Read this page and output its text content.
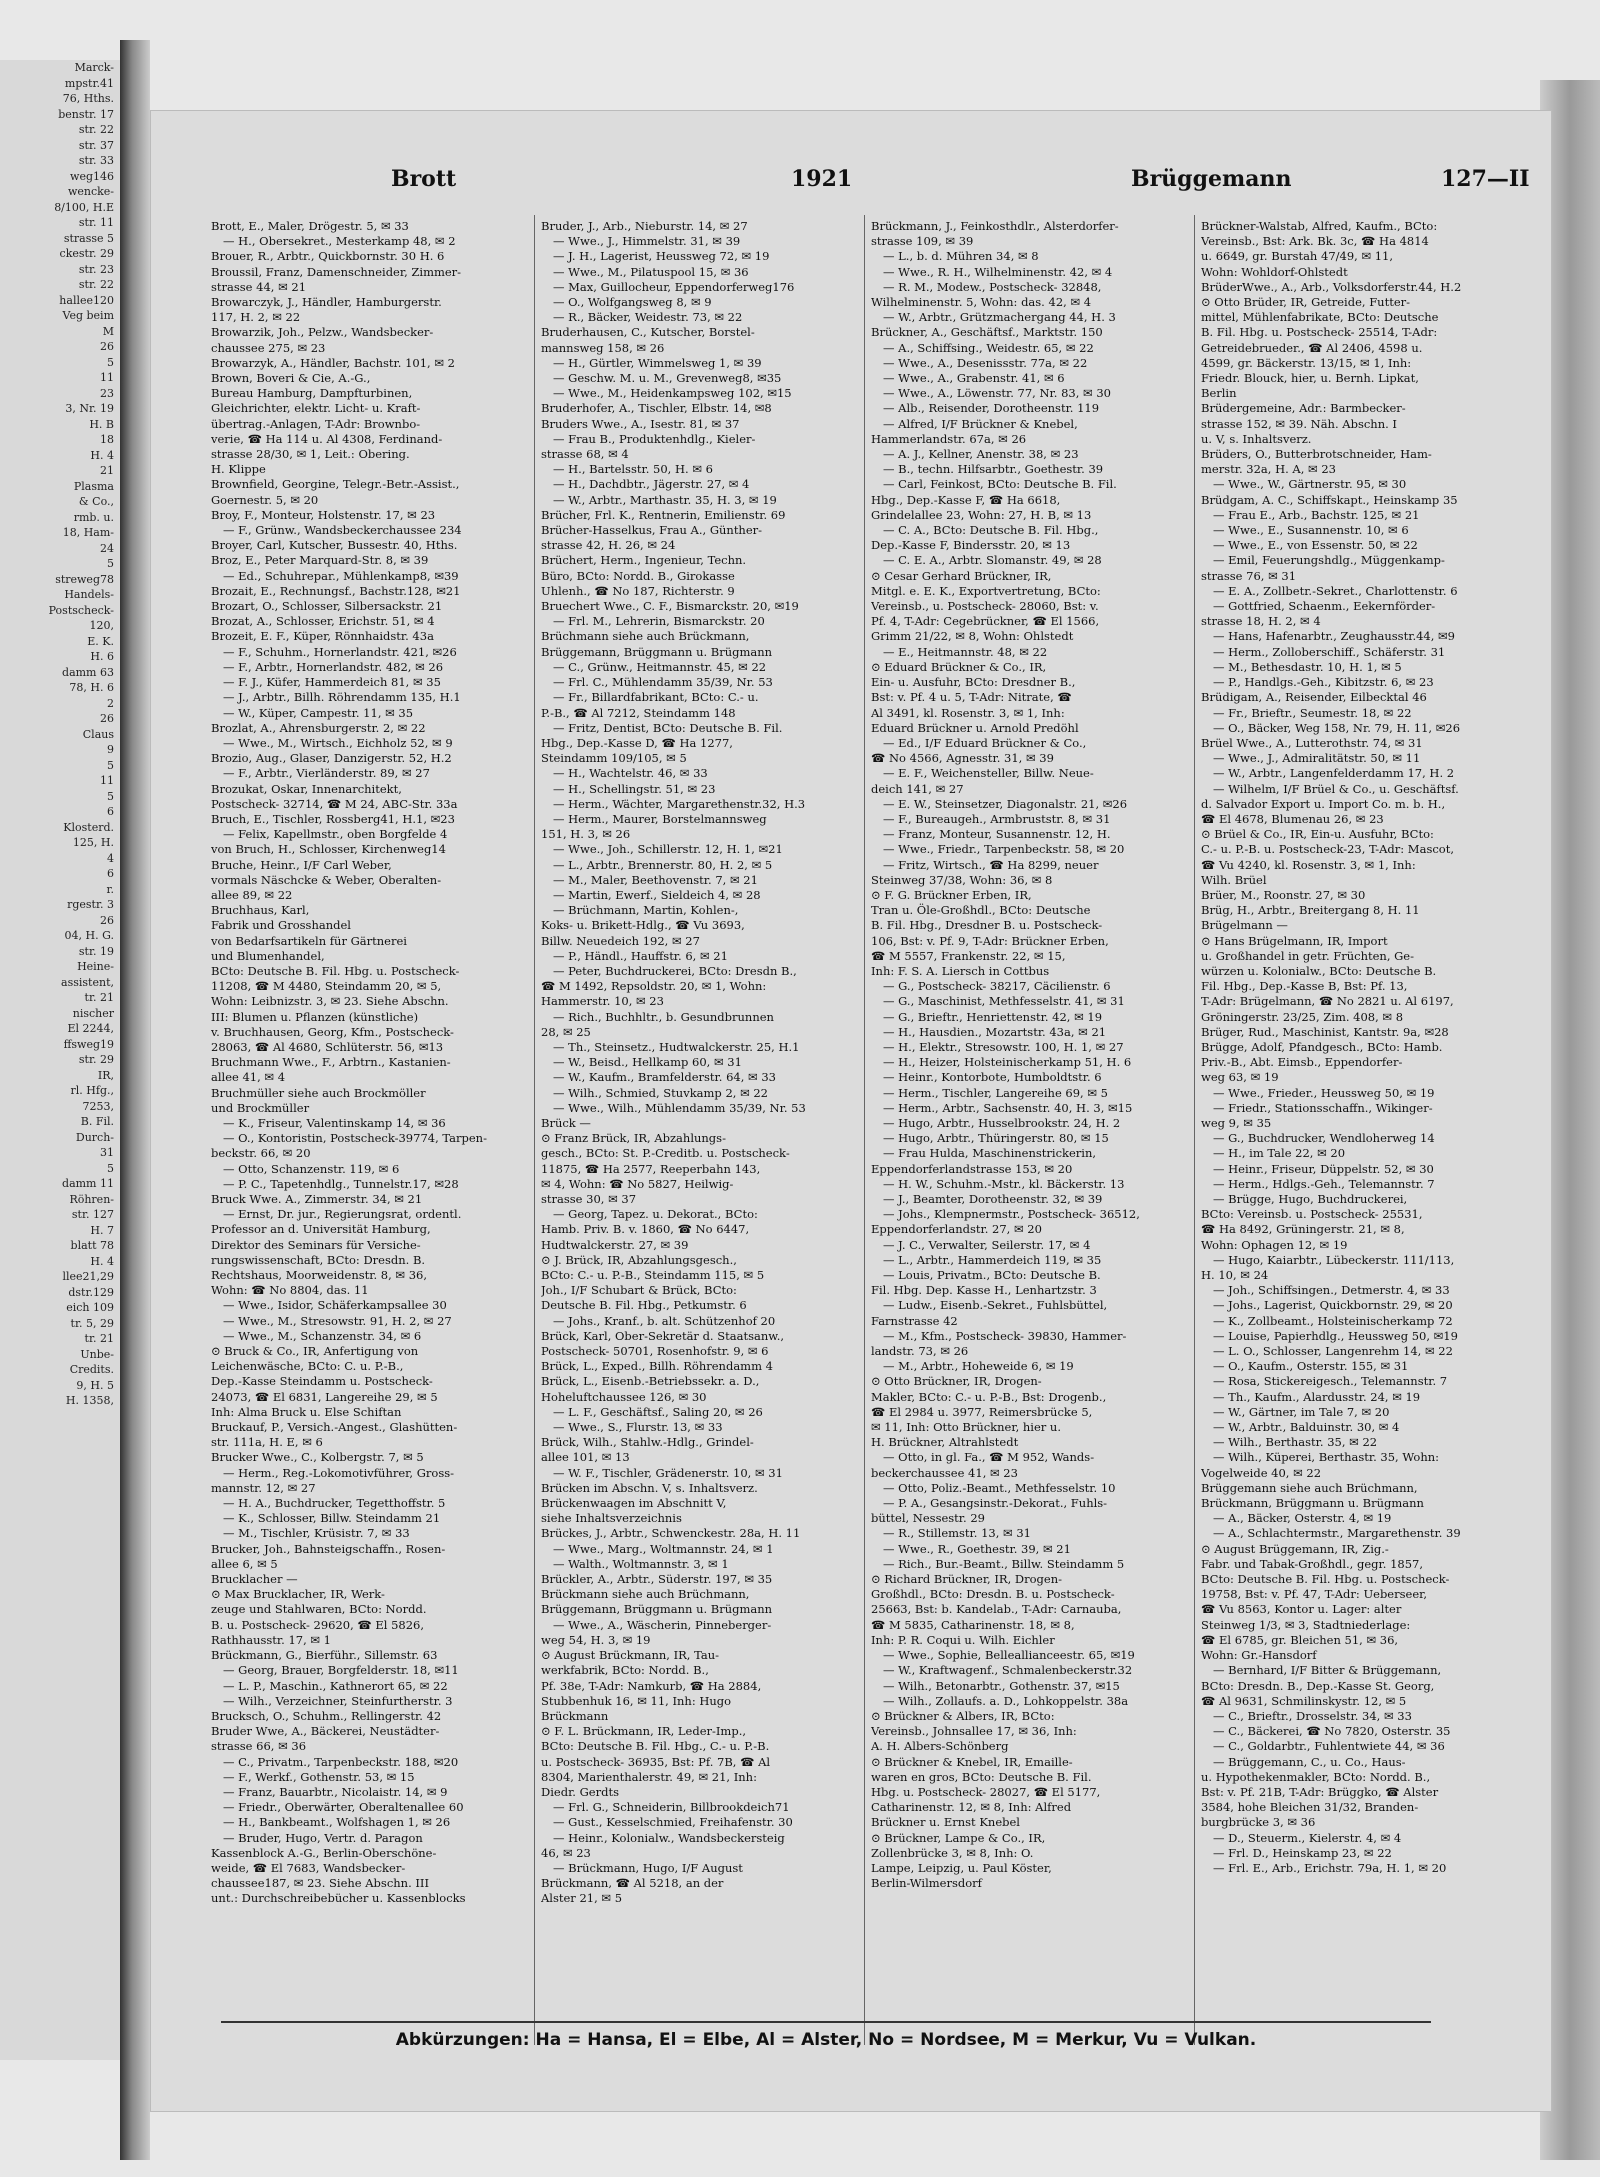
Marck-
mpstr.41
76, Hths.
benstr. 17
str. 22
str. 37
str. 33
weg146
wencke-
8/100, H.E
str. 11
strasse 5
ckestr. 29
str. 23
str. 22
hallee120
Veg beim
M
26
5
11
23
3, Nr. 19
H. B
18
H. 4
21
Plasma
& Co.,
rmb. u.
18, Ham-
24
5
streweg78
Handels-
Postscheck-
120,
E. K.
H. 6
damm 63
78, H. 6
2
26
Claus
9
5
11
5
6
Klosterd.
125, H.
4
6
r.
rgestr. 3
26
04, H. G.
str. 19
Heine-
assistent,
tr. 21
nischer
El 2244,
ffsweg19
str. 29
IR,
rl. Hfg.,
7253,
B. Fil.
Durch-
31
5
damm 11
Röhren-
str. 127
H. 7
blatt 78
H. 4
llee21,29
dstr.129
eich 109
tr. 5, 29
tr. 21
Unbe-
Credits.
9, H. 5
H. 1358,
Brott	1921	Brüggemann	127—II
Brott, E., Maler, Drögestr. 5, ✉ 33
— H., Obersekret., Mesterkamp 48, ✉ 2
Brouer, R., Arbtr., Quickbornstr. 30 H. 6
Broussil, Franz, Damenschneider, Zimmer-
strasse 44, ✉ 21
Browarczyk, J., Händler, Hamburgerstr.
117, H. 2, ✉ 22
Browarzik, Joh., Pelzw., Wandsbecker-
chaussee 275, ✉ 23
Browarzyk, A., Händler, Bachstr. 101, ✉ 2
Brown, Boveri & Cie, A.-G.,
Bureau Hamburg, Dampfturbinen,
Gleichrichter, elektr. Licht- u. Kraft-
übertrag.-Anlagen, T-Adr: Brownbo-
verie, ☎ Ha 114 u. Al 4308, Ferdinand-
strasse 28/30, ✉ 1, Leit.: Obering.
H. Klippe
Brownfield, Georgine, Telegr.-Betr.-Assist.,
Goernestr. 5, ✉ 20
Broy, F., Monteur, Holstenstr. 17, ✉ 23
— F., Grünw., Wandsbeckerchaussee 234
Broyer, Carl, Kutscher, Bussestr. 40, Hths.
Broz, E., Peter Marquard-Str. 8, ✉ 39
— Ed., Schuhrepar., Mühlenkamp8, ✉39
Brozait, E., Rechnungsf., Bachstr.128, ✉21
Brozart, O., Schlosser, Silbersackstr. 21
Brozat, A., Schlosser, Erichstr. 51, ✉ 4
Brozeit, E. F., Küper, Rönnhaidstr. 43a
— F., Schuhm., Hornerlandstr. 421, ✉26
— F., Arbtr., Hornerlandstr. 482, ✉ 26
— F. J., Küfer, Hammerdeich 81, ✉ 35
— J., Arbtr., Billh. Röhrendamm 135, H.1
— W., Küper, Campestr. 11, ✉ 35
Brozlat, A., Ahrensburgerstr. 2, ✉ 22
— Wwe., M., Wirtsch., Eichholz 52, ✉ 9
Brozio, Aug., Glaser, Danzigerstr. 52, H.2
— F., Arbtr., Vierländerstr. 89, ✉ 27
Brozukat, Oskar, Innenarchitekt,
Postscheck- 32714, ☎ M 24, ABC-Str. 33a
Bruch, E., Tischler, Rossberg41, H.1, ✉23
— Felix, Kapellmstr., oben Borgfelde 4
von Bruch, H., Schlosser, Kirchenweg14
Bruche, Heinr., I/F Carl Weber,
vormals Näschcke & Weber, Oberalten-
allee 89, ✉ 22
Bruchhaus, Karl,
Fabrik und Grosshandel
von Bedarfsartikeln für Gärtnerei
und Blumenhandel,
BCto: Deutsche B. Fil. Hbg. u. Postscheck-
11208, ☎ M 4480, Steindamm 20, ✉ 5,
Wohn: Leibnizstr. 3, ✉ 23. Siehe Abschn.
III: Blumen u. Pflanzen (künstliche)
v. Bruchhausen, Georg, Kfm., Postscheck-
28063, ☎ Al 4680, Schlüterstr. 56, ✉13
Bruchmann Wwe., F., Arbtrn., Kastanien-
allee 41, ✉ 4
Bruchmüller siehe auch Brockmöller
und Brockmüller
— K., Friseur, Valentinskamp 14, ✉ 36
— O., Kontoristin, Postscheck-39774, Tarpen-
beckstr. 66, ✉ 20
— Otto, Schanzenstr. 119, ✉ 6
— P. C., Tapetenhdlg., Tunnelstr.17, ✉28
Bruck Wwe. A., Zimmerstr. 34, ✉ 21
— Ernst, Dr. jur., Regierungsrat, ordentl.
Professor an d. Universität Hamburg,
Direktor des Seminars für Versiche-
rungswissenschaft, BCto: Dresdn. B.
Rechtshaus, Moorweidenstr. 8, ✉ 36,
Wohn: ☎ No 8804, das. 11
— Wwe., Isidor, Schäferkampsallee 30
— Wwe., M., Stresowstr. 91, H. 2, ✉ 27
— Wwe., M., Schanzenstr. 34, ✉ 6
⊙ Bruck & Co., IR, Anfertigung von
Leichenwäsche, BCto: C. u. P.-B.,
Dep.-Kasse Steindamm u. Postscheck-
24073, ☎ El 6831, Langereihe 29, ✉ 5
Inh: Alma Bruck u. Else Schiftan
Bruckauf, P., Versich.-Angest., Glashütten-
str. 111a, H. E, ✉ 6
Brucker Wwe., C., Kolbergstr. 7, ✉ 5
— Herm., Reg.-Lokomotivführer, Gross-
mannstr. 12, ✉ 27
— H. A., Buchdrucker, Tegetthoffstr. 5
— K., Schlosser, Billw. Steindamm 21
— M., Tischler, Krüsistr. 7, ✉ 33
Brucker, Joh., Bahnsteigschaffn., Rosen-
allee 6, ✉ 5
Brucklacher —
⊙ Max Brucklacher, IR, Werk-
zeuge und Stahlwaren, BCto: Nordd.
B. u. Postscheck- 29620, ☎ El 5826,
Rathhausstr. 17, ✉ 1
Brückmann, G., Bierführ., Sillemstr. 63
— Georg, Brauer, Borgfelderstr. 18, ✉11
— L. P., Maschin., Kathnerort 65, ✉ 22
— Wilh., Verzeichner, Steinfurtherstr. 3
Brucksch, O., Schuhm., Rellingerstr. 42
Bruder Wwe, A., Bäckerei, Neustädter-
strasse 66, ✉ 36
— C., Privatm., Tarpenbeckstr. 188, ✉20
— F., Werkf., Gothenstr. 53, ✉ 15
— Franz, Bauarbtr., Nicolaistr. 14, ✉ 9
— Friedr., Oberwärter, Oberaltenallee 60
— H., Bankbeamt., Wolfshagen 1, ✉ 26
— Bruder, Hugo, Vertr. d. Paragon
Kassenblock A.-G., Berlin-Oberschöne-
weide, ☎ El 7683, Wandsbecker-
chaussee187, ✉ 23. Siehe Abschn. III
unt.: Durchschreibebücher u. Kassenblocks
Bruder, J., Arb., Nieburstr. 14, ✉ 27
— Wwe., J., Himmelstr. 31, ✉ 39
— J. H., Lagerist, Heussweg 72, ✉ 19
— Wwe., M., Pilatuspool 15, ✉ 36
— Max, Guillocheur, Eppendorferweg176
— O., Wolfgangsweg 8, ✉ 9
— R., Bäcker, Weidestr. 73, ✉ 22
Bruderhausen, C., Kutscher, Borstel-
mannsweg 158, ✉ 26
— H., Gürtler, Wimmelsweg 1, ✉ 39
— Geschw. M. u. M., Grevenweg8, ✉35
— Wwe., M., Heidenkampsweg 102, ✉15
Bruderhofer, A., Tischler, Elbstr. 14, ✉8
Bruders Wwe., A., Isestr. 81, ✉ 37
— Frau B., Produktenhdlg., Kieler-
strasse 68, ✉ 4
— H., Bartelsstr. 50, H. ✉ 6
— H., Dachdbtr., Jägerstr. 27, ✉ 4
— W., Arbtr., Marthastr. 35, H. 3, ✉ 19
Brücher, Frl. K., Rentnerin, Emilienstr. 69
Brücher-Hasselkus, Frau A., Günther-
strasse 42, H. 26, ✉ 24
Brüchert, Herm., Ingenieur, Techn.
Büro, BCto: Nordd. B., Girokasse
Uhlenh., ☎ No 187, Richterstr. 9
Bruechert Wwe., C. F., Bismarckstr. 20, ✉19
— Frl. M., Lehrerin, Bismarckstr. 20
Brüchmann siehe auch Brückmann,
Brüggemann, Brüggmann u. Brügmann
— C., Grünw., Heitmannstr. 45, ✉ 22
— Frl. C., Mühlendamm 35/39, Nr. 53
— Fr., Billardfabrikant, BCto: C.- u.
P.-B., ☎ Al 7212, Steindamm 148
— Fritz, Dentist, BCto: Deutsche B. Fil.
Hbg., Dep.-Kasse D, ☎ Ha 1277,
Steindamm 109/105, ✉ 5
— H., Wachtelstr. 46, ✉ 33
— H., Schellingstr. 51, ✉ 23
— Herm., Wächter, Margarethenstr.32, H.3
— Herm., Maurer, Borstelmannsweg
151, H. 3, ✉ 26
— Wwe., Joh., Schillerstr. 12, H. 1, ✉21
— L., Arbtr., Brennerstr. 80, H. 2, ✉ 5
— M., Maler, Beethovenstr. 7, ✉ 21
— Martin, Ewerf., Sieldeich 4, ✉ 28
— Brüchmann, Martin, Kohlen-,
Koks- u. Brikett-Hdlg., ☎ Vu 3693,
Billw. Neuedeich 192, ✉ 27
— P., Händl., Hauffstr. 6, ✉ 21
— Peter, Buchdruckerei, BCto: Dresdn B.,
☎ M 1492, Repsoldstr. 20, ✉ 1, Wohn:
Hammerstr. 10, ✉ 23
— Rich., Buchhltr., b. Gesundbrunnen
28, ✉ 25
— Th., Steinsetz., Hudtwalckerstr. 25, H.1
— W., Beisd., Hellkamp 60, ✉ 31
— W., Kaufm., Bramfelderstr. 64, ✉ 33
— Wilh., Schmied, Stuvkamp 2, ✉ 22
— Wwe., Wilh., Mühlendamm 35/39, Nr. 53
Brück —
⊙ Franz Brück, IR, Abzahlungs-
gesch., BCto: St. P.-Creditb. u. Postscheck-
11875, ☎ Ha 2577, Reeperbahn 143,
✉ 4, Wohn: ☎ No 5827, Heilwig-
strasse 30, ✉ 37
— Georg, Tapez. u. Dekorat., BCto:
Hamb. Priv. B. v. 1860, ☎ No 6447,
Hudtwalckerstr. 27, ✉ 39
⊙ J. Brück, IR, Abzahlungsgesch.,
BCto: C.- u. P.-B., Steindamm 115, ✉ 5
Joh., I/F Schubart & Brück, BCto:
Deutsche B. Fil. Hbg., Petkumstr. 6
— Johs., Kranf., b. alt. Schützenhof 20
Brück, Karl, Ober-Sekretär d. Staatsanw.,
Postscheck- 50701, Rosenhofstr. 9, ✉ 6
Brück, L., Exped., Billh. Röhrendamm 4
Brück, L., Eisenb.-Betriebssekr. a. D.,
Hoheluftchaussee 126, ✉ 30
— L. F., Geschäftsf., Saling 20, ✉ 26
— Wwe., S., Flurstr. 13, ✉ 33
Brück, Wilh., Stahlw.-Hdlg., Grindel-
allee 101, ✉ 13
— W. F., Tischler, Grädenerstr. 10, ✉ 31
Brücken im Abschn. V, s. Inhaltsverz.
Brückenwaagen im Abschnitt V,
siehe Inhaltsverzeichnis
Brückes, J., Arbtr., Schwenckestr. 28a, H. 11
— Wwe., Marg., Woltmannstr. 24, ✉ 1
— Walth., Woltmannstr. 3, ✉ 1
Brückler, A., Arbtr., Süderstr. 197, ✉ 35
Brückmann siehe auch Brüchmann,
Brüggemann, Brüggmann u. Brügmann
— Wwe., A., Wäscherin, Pinneberger-
weg 54, H. 3, ✉ 19
⊙ August Brückmann, IR, Tau-
werkfabrik, BCto: Nordd. B.,
Pf. 38e, T-Adr: Namkurb, ☎ Ha 2884,
Stubbenhuk 16, ✉ 11, Inh: Hugo
Brückmann
⊙ F. L. Brückmann, IR, Leder-Imp.,
BCto: Deutsche B. Fil. Hbg., C.- u. P.-B.
u. Postscheck- 36935, Bst: Pf. 7B, ☎ Al
8304, Marienthalerstr. 49, ✉ 21, Inh:
Diedr. Gerdts
— Frl. G., Schneiderin, Billbrookdeich71
— Gust., Kesselschmied, Freihafenstr. 30
— Heinr., Kolonialw., Wandsbeckersteig
46, ✉ 23
— Brückmann, Hugo, I/F August
Brückmann, ☎ Al 5218, an der
Alster 21, ✉ 5
Brückmann, J., Feinkosthdlr., Alsterdorfer-
strasse 109, ✉ 39
— L., b. d. Mühren 34, ✉ 8
— Wwe., R. H., Wilhelminenstr. 42, ✉ 4
— R. M., Modew., Postscheck- 32848,
Wilhelminenstr. 5, Wohn: das. 42, ✉ 4
— W., Arbtr., Grützmachergang 44, H. 3
Brückner, A., Geschäftsf., Marktstr. 150
— A., Schiffsing., Weidestr. 65, ✉ 22
— Wwe., A., Desenissstr. 77a, ✉ 22
— Wwe., A., Grabenstr. 41, ✉ 6
— Wwe., A., Löwenstr. 77, Nr. 83, ✉ 30
— Alb., Reisender, Dorotheenstr. 119
— Alfred, I/F Brückner & Knebel,
Hammerlandstr. 67a, ✉ 26
— A. J., Kellner, Anenstr. 38, ✉ 23
— B., techn. Hilfsarbtr., Goethestr. 39
— Carl, Feinkost, BCto: Deutsche B. Fil.
Hbg., Dep.-Kasse F, ☎ Ha 6618,
Grindelallee 23, Wohn: 27, H. B, ✉ 13
— C. A., BCto: Deutsche B. Fil. Hbg.,
Dep.-Kasse F, Bindersstr. 20, ✉ 13
— C. E. A., Arbtr. Slomanstr. 49, ✉ 28
⊙ Cesar Gerhard Brückner, IR,
Mitgl. e. E. K., Exportvertretung, BCto:
Vereinsb., u. Postscheck- 28060, Bst: v.
Pf. 4, T-Adr: Cegebrückner, ☎ El 1566,
Grimm 21/22, ✉ 8, Wohn: Ohlstedt
— E., Heitmannstr. 48, ✉ 22
⊙ Eduard Brückner & Co., IR,
Ein- u. Ausfuhr, BCto: Dresdner B.,
Bst: v. Pf. 4 u. 5, T-Adr: Nitrate, ☎
Al 3491, kl. Rosenstr. 3, ✉ 1, Inh:
Eduard Brückner u. Arnold Predöhl
— Ed., I/F Eduard Brückner & Co.,
☎ No 4566, Agnesstr. 31, ✉ 39
— E. F., Weichensteller, Billw. Neue-
deich 141, ✉ 27
— E. W., Steinsetzer, Diagonalstr. 21, ✉26
— F., Bureaugeh., Armbruststr. 8, ✉ 31
— Franz, Monteur, Susannenstr. 12, H.
— Wwe., Friedr., Tarpenbeckstr. 58, ✉ 20
— Fritz, Wirtsch., ☎ Ha 8299, neuer
Steinweg 37/38, Wohn: 36, ✉ 8
⊙ F. G. Brückner Erben, IR,
Tran u. Öle-Großhdl., BCto: Deutsche
B. Fil. Hbg., Dresdner B. u. Postscheck-
106, Bst: v. Pf. 9, T-Adr: Brückner Erben,
☎ M 5557, Frankenstr. 22, ✉ 15,
Inh: F. S. A. Liersch in Cottbus
— G., Postscheck- 38217, Cäcilienstr. 6
— G., Maschinist, Methfesselstr. 41, ✉ 31
— G., Brieftr., Henriettenstr. 42, ✉ 19
— H., Hausdien., Mozartstr. 43a, ✉ 21
— H., Elektr., Stresowstr. 100, H. 1, ✉ 27
— H., Heizer, Holsteinischerkamp 51, H. 6
— Heinr., Kontorbote, Humboldtstr. 6
— Herm., Tischler, Langereihe 69, ✉ 5
— Herm., Arbtr., Sachsenstr. 40, H. 3, ✉15
— Hugo, Arbtr., Husselbrookstr. 24, H. 2
— Hugo, Arbtr., Thüringerstr. 80, ✉ 15
— Frau Hulda, Maschinenstrickerin,
Eppendorferlandstrasse 153, ✉ 20
— H. W., Schuhm.-Mstr., kl. Bäckerstr. 13
— J., Beamter, Dorotheenstr. 32, ✉ 39
— Johs., Klempnermstr., Postscheck- 36512,
Eppendorferlandstr. 27, ✉ 20
— J. C., Verwalter, Seilerstr. 17, ✉ 4
— L., Arbtr., Hammerdeich 119, ✉ 35
— Louis, Privatm., BCto: Deutsche B.
Fil. Hbg. Dep. Kasse H., Lenhartzstr. 3
— Ludw., Eisenb.-Sekret., Fuhlsbüttel,
Farnstrasse 42
— M., Kfm., Postscheck- 39830, Hammer-
landstr. 73, ✉ 26
— M., Arbtr., Hoheweide 6, ✉ 19
⊙ Otto Brückner, IR, Drogen-
Makler, BCto: C.- u. P.-B., Bst: Drogenb.,
☎ El 2984 u. 3977, Reimersbrücke 5,
✉ 11, Inh: Otto Brückner, hier u.
H. Brückner, Altrahlstedt
— Otto, in gl. Fa., ☎ M 952, Wands-
beckerchaussee 41, ✉ 23
— Otto, Poliz.-Beamt., Methfesselstr. 10
— P. A., Gesangsinstr.-Dekorat., Fuhls-
büttel, Nessestr. 29
— R., Stillemstr. 13, ✉ 31
— Wwe., R., Goethestr. 39, ✉ 21
— Rich., Bur.-Beamt., Billw. Steindamm 5
⊙ Richard Brückner, IR, Drogen-
Großhdl., BCto: Dresdn. B. u. Postscheck-
25663, Bst: b. Kandelab., T-Adr: Carnauba,
☎ M 5835, Catharinenstr. 18, ✉ 8,
Inh: P. R. Coqui u. Wilh. Eichler
— Wwe., Sophie, Belleallianceestr. 65, ✉19
— W., Kraftwagenf., Schmalenbeckerstr.32
— Wilh., Betonarbtr., Gothenstr. 37, ✉15
— Wilh., Zollaufs. a. D., Lohkoppelstr. 38a
⊙ Brückner & Albers, IR, BCto:
Vereinsb., Johnsallee 17, ✉ 36, Inh:
A. H. Albers-Schönberg
⊙ Brückner & Knebel, IR, Emaille-
waren en gros, BCto: Deutsche B. Fil.
Hbg. u. Postscheck- 28027, ☎ El 5177,
Catharinenstr. 12, ✉ 8, Inh: Alfred
Brückner u. Ernst Knebel
⊙ Brückner, Lampe & Co., IR,
Zollenbrücke 3, ✉ 8, Inh: O.
Lampe, Leipzig, u. Paul Köster,
Berlin-Wilmersdorf
Brückner-Walstab, Alfred, Kaufm., BCto:
Vereinsb., Bst: Ark. Bk. 3c, ☎ Ha 4814
u. 6649, gr. Burstah 47/49, ✉ 11,
Wohn: Wohldorf-Ohlstedt
BrüderWwe., A., Arb., Volksdorferstr.44, H.2
⊙ Otto Brüder, IR, Getreide, Futter-
mittel, Mühlenfabrikate, BCto: Deutsche
B. Fil. Hbg. u. Postscheck- 25514, T-Adr:
Getreidebrueder., ☎ Al 2406, 4598 u.
4599, gr. Bäckerstr. 13/15, ✉ 1, Inh:
Friedr. Blouck, hier, u. Bernh. Lipkat,
Berlin
Brüdergemeine, Adr.: Barmbecker-
strasse 152, ✉ 39. Näh. Abschn. I
u. V, s. Inhaltsverz.
Brüders, O., Butterbrotschneider, Ham-
merstr. 32a, H. A, ✉ 23
— Wwe., W., Gärtnerstr. 95, ✉ 30
Brüdgam, A. C., Schiffskapt., Heinskamp 35
— Frau E., Arb., Bachstr. 125, ✉ 21
— Wwe., E., Susannenstr. 10, ✉ 6
— Wwe., E., von Essenstr. 50, ✉ 22
— Emil, Feuerungshdlg., Müggenkamp-
strasse 76, ✉ 31
— E. A., Zollbetr.-Sekret., Charlottenstr. 6
— Gottfried, Schaenm., Eekernförder-
strasse 18, H. 2, ✉ 4
— Hans, Hafenarbtr., Zeughausstr.44, ✉9
— Herm., Zolloberschiff., Schäferstr. 31
— M., Bethesdastr. 10, H. 1, ✉ 5
— P., Handlgs.-Geh., Kibitzstr. 6, ✉ 23
Brüdigam, A., Reisender, Eilbecktal 46
— Fr., Brieftr., Seumestr. 18, ✉ 22
— O., Bäcker, Weg 158, Nr. 79, H. 11, ✉26
Brüel Wwe., A., Lutterothstr. 74, ✉ 31
— Wwe., J., Admiralitätstr. 50, ✉ 11
— W., Arbtr., Langenfelderdamm 17, H. 2
— Wilhelm, I/F Brüel & Co., u. Geschäftsf.
d. Salvador Export u. Import Co. m. b. H.,
☎ El 4678, Blumenau 26, ✉ 23
⊙ Brüel & Co., IR, Ein-u. Ausfuhr, BCto:
C.- u. P.-B. u. Postscheck-23, T-Adr: Mascot,
☎ Vu 4240, kl. Rosenstr. 3, ✉ 1, Inh:
Wilh. Brüel
Brüer, M., Roonstr. 27, ✉ 30
Brüg, H., Arbtr., Breitergang 8, H. 11
Brügelmann —
⊙ Hans Brügelmann, IR, Import
u. Großhandel in getr. Früchten, Ge-
würzen u. Kolonialw., BCto: Deutsche B.
Fil. Hbg., Dep.-Kasse B, Bst: Pf. 13,
T-Adr: Brügelmann, ☎ No 2821 u. Al 6197,
Gröningerstr. 23/25, Zim. 408, ✉ 8
Brüger, Rud., Maschinist, Kantstr. 9a, ✉28
Brügge, Adolf, Pfandgesch., BCto: Hamb.
Priv.-B., Abt. Eimsb., Eppendorfer-
weg 63, ✉ 19
— Wwe., Frieder., Heussweg 50, ✉ 19
— Friedr., Stationsschaffn., Wikinger-
weg 9, ✉ 35
— G., Buchdrucker, Wendloherweg 14
— H., im Tale 22, ✉ 20
— Heinr., Friseur, Düppelstr. 52, ✉ 30
— Herm., Hdlgs.-Geh., Telemannstr. 7
— Brügge, Hugo, Buchdruckerei,
BCto: Vereinsb. u. Postscheck- 25531,
☎ Ha 8492, Grüningerstr. 21, ✉ 8,
Wohn: Ophagen 12, ✉ 19
— Hugo, Kaiarbtr., Lübeckerstr. 111/113,
H. 10, ✉ 24
— Joh., Schiffsingen., Detmerstr. 4, ✉ 33
— Johs., Lagerist, Quickbornstr. 29, ✉ 20
— K., Zollbeamt., Holsteinischerkamp 72
— Louise, Papierhdlg., Heussweg 50, ✉19
— L. O., Schlosser, Langenrehm 14, ✉ 22
— O., Kaufm., Osterstr. 155, ✉ 31
— Rosa, Stickereigesch., Telemannstr. 7
— Th., Kaufm., Alardusstr. 24, ✉ 19
— W., Gärtner, im Tale 7, ✉ 20
— W., Arbtr., Balduinstr. 30, ✉ 4
— Wilh., Berthastr. 35, ✉ 22
— Wilh., Küperei, Berthastr. 35, Wohn:
Vogelweide 40, ✉ 22
Brüggemann siehe auch Brüchmann,
Brückmann, Brüggmann u. Brügmann
— A., Bäcker, Osterstr. 4, ✉ 19
— A., Schlachtermstr., Margarethenstr. 39
⊙ August Brüggemann, IR, Zig.-
Fabr. und Tabak-Großhdl., gegr. 1857,
BCto: Deutsche B. Fil. Hbg. u. Postscheck-
19758, Bst: v. Pf. 47, T-Adr: Ueberseer,
☎ Vu 8563, Kontor u. Lager: alter
Steinweg 1/3, ✉ 3, Stadtniederlage:
☎ El 6785, gr. Bleichen 51, ✉ 36,
Wohn: Gr.-Hansdorf
— Bernhard, I/F Bitter & Brüggemann,
BCto: Dresdn. B., Dep.-Kasse St. Georg,
☎ Al 9631, Schmilinskystr. 12, ✉ 5
— C., Brieftr., Drosselstr. 34, ✉ 33
— C., Bäckerei, ☎ No 7820, Osterstr. 35
— C., Goldarbtr., Fuhlentwiete 44, ✉ 36
— Brüggemann, C., u. Co., Haus-
u. Hypothekenmakler, BCto: Nordd. B.,
Bst: v. Pf. 21B, T-Adr: Brüggko, ☎ Alster
3584, hohe Bleichen 31/32, Branden-
burgbrücke 3, ✉ 36
— D., Steuerm., Kielerstr. 4, ✉ 4
— Frl. D., Heinskamp 23, ✉ 22
— Frl. E., Arb., Erichstr. 79a, H. 1, ✉ 20
Abkürzungen: Ha = Hansa, El = Elbe, Al = Alster, No = Nordsee, M = Merkur, Vu = Vulkan.
